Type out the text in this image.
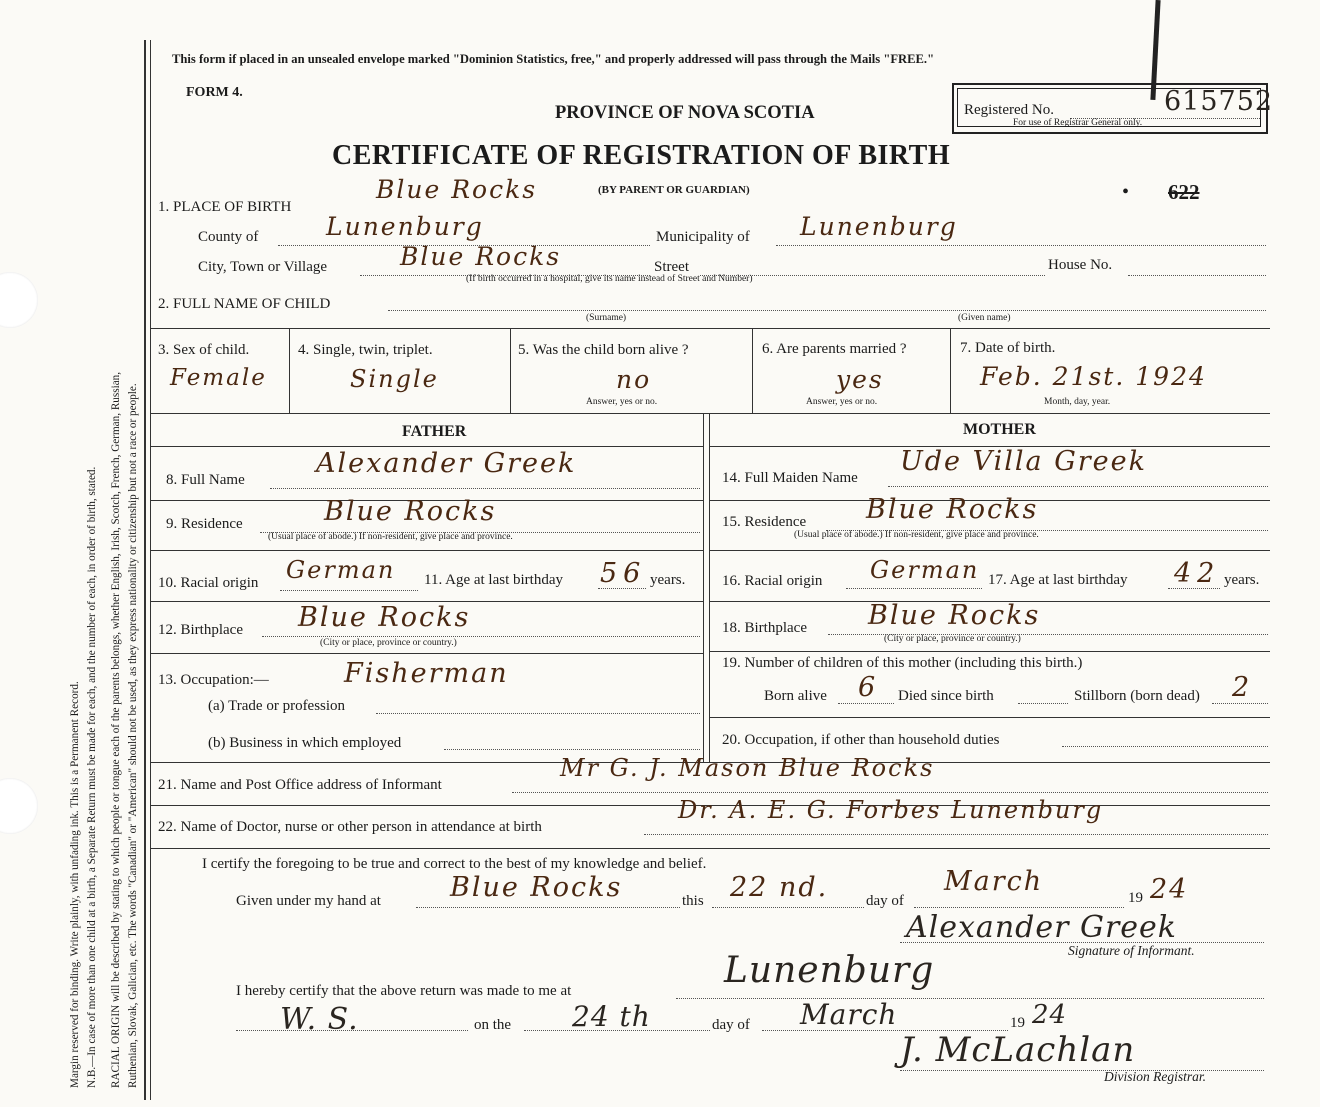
Margin reserved for binding. Write plainly, with unfading ink. This is a Permanent Record. N.B.—In case of more than one child at a birth, a Separate Return must be made for each, and the number of each, in order of birth, stated. RACIAL ORIGIN will be described by stating to which people or tongue each of the parents belongs, whether English, Irish, Scotch, French, German, Russian, Ruthenian, Slovak, Galician, etc. The words "Canadian" or "American" should not be used, as they express nationality or citizenship but not a race or people.
This form if placed in an unsealed envelope marked "Dominion Statistics, free," and properly addressed will pass through the Mails "FREE."
FORM 4.
PROVINCE OF NOVA SCOTIA
CERTIFICATE OF REGISTRATION OF BIRTH
(BY PARENT OR GUARDIAN)
Registered No.	615752
For use of Registrar General only.
622
•
1. PLACE OF BIRTH
Blue Rocks
County of	Lunenburg	Municipality of Lunenburg
City, Town or Village	Blue Rocks	Street	House No.
(If birth occurred in a hospital, give its name instead of Street and Number)
2. FULL NAME OF CHILD
(Surname)	(Given name)
3. Sex of child.
Female
4. Single, twin, triplet.
Single
5. Was the child born alive ?
no
Answer, yes or no.
6. Are parents married ?
yes
Answer, yes or no.
7. Date of birth.
Feb. 21st. 1924
Month, day, year.
FATHER	MOTHER
8. Full Name
Alexander Greek
9. Residence	Blue Rocks
(Usual place of abode.) If non-resident, give place and province.
10. Racial origin German 11. Age at last birthday 56 years.
12. Birthplace Blue Rocks
(City or place, province or country.)
13. Occupation:—	Fisherman
(a) Trade or profession
(b) Business in which employed
14. Full Maiden Name
Ude Villa Greek
15. Residence Blue Rocks
(Usual place of abode.) If non-resident, give place and province.
16. Racial origin German 17. Age at last birthday 42 years.
18. Birthplace Blue Rocks
(City or place, province or country.)
19. Number of children of this mother (including this birth.)
Born alive 6 Died since birth	Stillborn (born dead) 2
20. Occupation, if other than household duties
21. Name and Post Office address of Informant
Mr G. J. Mason Blue Rocks
22. Name of Doctor, nurse or other person in attendance at birth
Dr. A. E. G. Forbes Lunenburg
I certify the foregoing to be true and correct to the best of my knowledge and belief.
Given under my hand at	Blue Rocks	this 22 nd.	day of
March
19 24
Alexander Greek
Signature of Informant.
I hereby certify that the above return was made to me at	Lunenburg
W. S.	on the 24 th	day of March	19 24
J. McLachlan
Division Registrar.
